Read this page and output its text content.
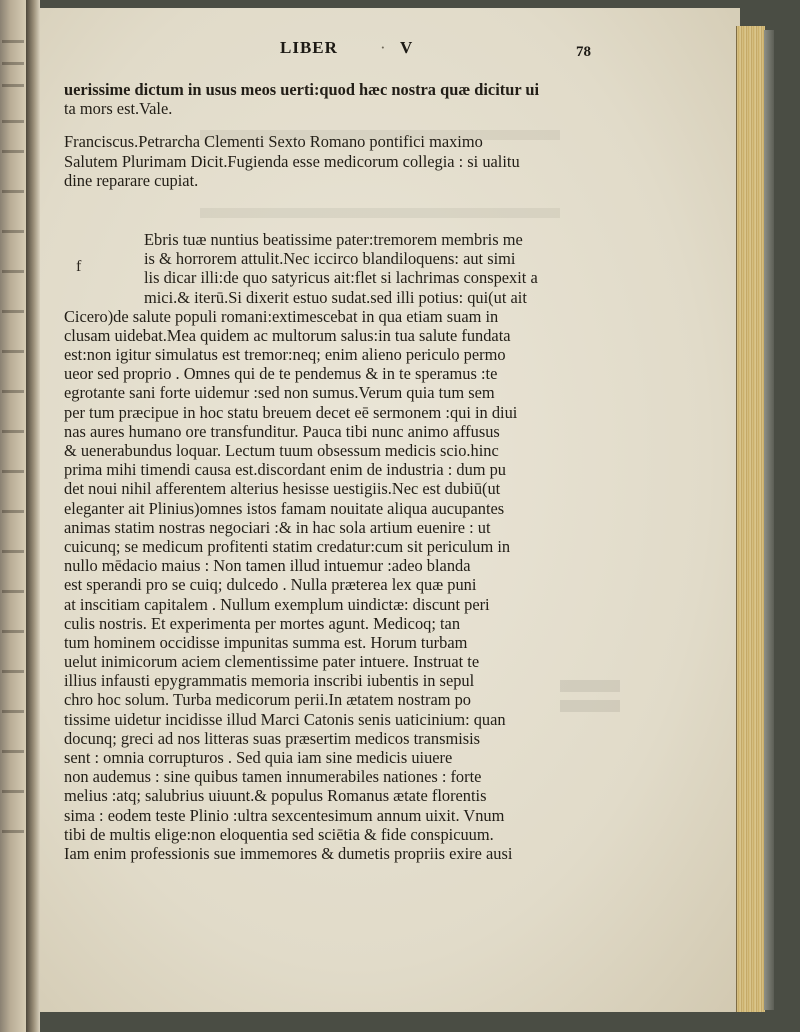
LIBER · V	78
f
uerissime dictum in usus meos uerti:quod hæc nostra quæ dicitur ui
ta mors est.Vale.
Franciscus.Petrarcha Clementi Sexto Romano pontifici maximo
Salutem Plurimam Dicit.Fugienda esse medicorum collegia : si ualitu
dine reparare cupiat.
Ebris tuæ nuntius beatissime pater:tremorem membris me
is & horrorem attulit.Nec iccirco blandiloquens: aut simi
lis dicar illi:de quo satyricus ait:flet si lachrimas conspexit a
mici.& iterū.Si dixerit estuo sudat.sed illi potius: qui(ut ait
Cicero)de salute populi romani:extimescebat in qua etiam suam in
clusam uidebat.Mea quidem ac multorum salus:in tua salute fundata
est:non igitur simulatus est tremor:neq; enim alieno periculo permo
ueor sed proprio . Omnes qui de te pendemus & in te speramus :te
egrotante sani forte uidemur :sed non sumus.Verum quia tum sem
per tum præcipue in hoc statu breuem decet eē sermonem :qui in diui
nas aures humano ore transfunditur. Pauca tibi nunc animo affusus
& uenerabundus loquar. Lectum tuum obsessum medicis scio.hinc
prima mihi timendi causa est.discordant enim de industria : dum pu
det noui nihil afferentem alterius hesisse uestigiis.Nec est dubiū(ut
eleganter ait Plinius)omnes istos famam nouitate aliqua aucupantes
animas statim nostras negociari :& in hac sola artium euenire : ut
cuicunq; se medicum profitenti statim credatur:cum sit periculum in
nullo mēdacio maius : Non tamen illud intuemur :adeo blanda
est sperandi pro se cuiq; dulcedo . Nulla præterea lex quæ puni
at inscitiam capitalem . Nullum exemplum uindictæ: discunt peri
culis nostris. Et experimenta per mortes agunt. Medicoq; tan
tum hominem occidisse impunitas summa est. Horum turbam
uelut inimicorum aciem clementissime pater intuere. Instruat te
illius infausti epygrammatis memoria inscribi iubentis in sepul
chro hoc solum. Turba medicorum perii.In ætatem nostram po
tissime uidetur incidisse illud Marci Catonis senis uaticinium: quan
docunq; greci ad nos litteras suas præsertim medicos transmisis
sent : omnia corrupturos . Sed quia iam sine medicis uiuere
non audemus : sine quibus tamen innumerabiles nationes : forte
melius :atq; salubrius uiuunt.& populus Romanus ætate florentis
sima : eodem teste Plinio :ultra sexcentesimum annum uixit. Vnum
tibi de multis elige:non eloquentia sed sciētia & fide conspicuum.
Iam enim professionis sue immemores & dumetis propriis exire ausi
